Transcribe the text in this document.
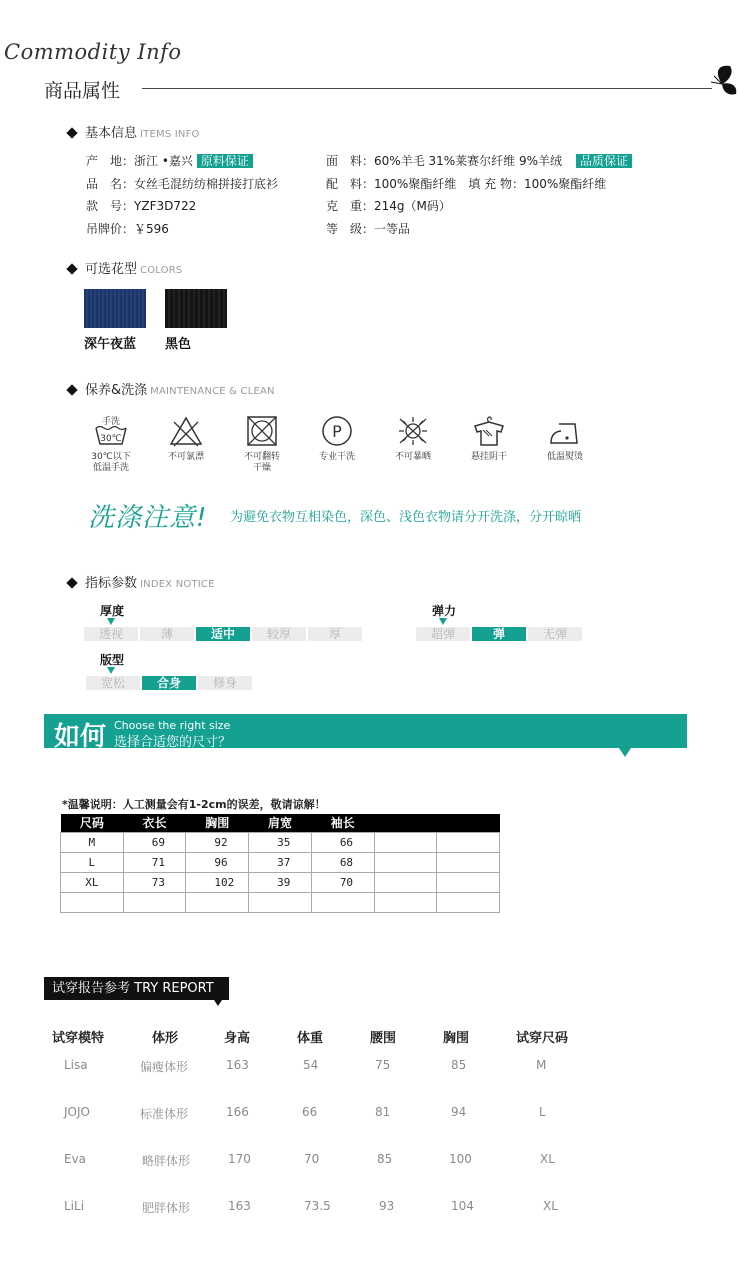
Commodity Info
商品属性
基本信息 ITEMS INFO
产　地：浙江 •嘉兴 原料保证
品　名：女丝毛混纺纺棉拼接打底衫
款　号：YZF3D722
吊牌价：￥596
面　料：60%羊毛 31%莱赛尔纤维 9%羊绒 品质保证
配　料：100%聚酯纤维　填 充 物：100%聚酯纤维
克　重：214g（M码）
等　级：一等品
可选花型 COLORS
深午夜蓝 黑色
保养&洗涤 MAINTENANCE & CLEAN
手洗
30℃
30℃以下
低温手洗
不可氯漂	不可翻转
干燥
P
专业干洗	不可暴晒	悬挂阴干	低温熨烫
洗涤注意! 为避免衣物互相染色，深色、浅色衣物请分开洗涤，分开晾晒
指标参数 INDEX NOTICE
厚度
透视	薄	适中	较厚	厚
弹力
超弹	弹	无弹
版型
宽松	合身	修身
如何 Choose the right size
选择合适您的尺寸？
*温馨说明：人工测量会有1-2cm的误差，敬请谅解！
尺码	衣长	胸围	肩宽	袖长		
M	69	92	35	66		
L	71	96	37	68		
XL	73	102	39	70		

试穿报告参考 TRY REPORT
试穿模特	体形	身高	体重	腰围	胸围	试穿尺码
Lisa	偏瘦体形	163	54	75	85	M
JOJO	标准体形	166	66	81	94	L
Eva	略胖体形	170	70	85	100	XL
LiLi	肥胖体形	163	73.5	93	104	XL
